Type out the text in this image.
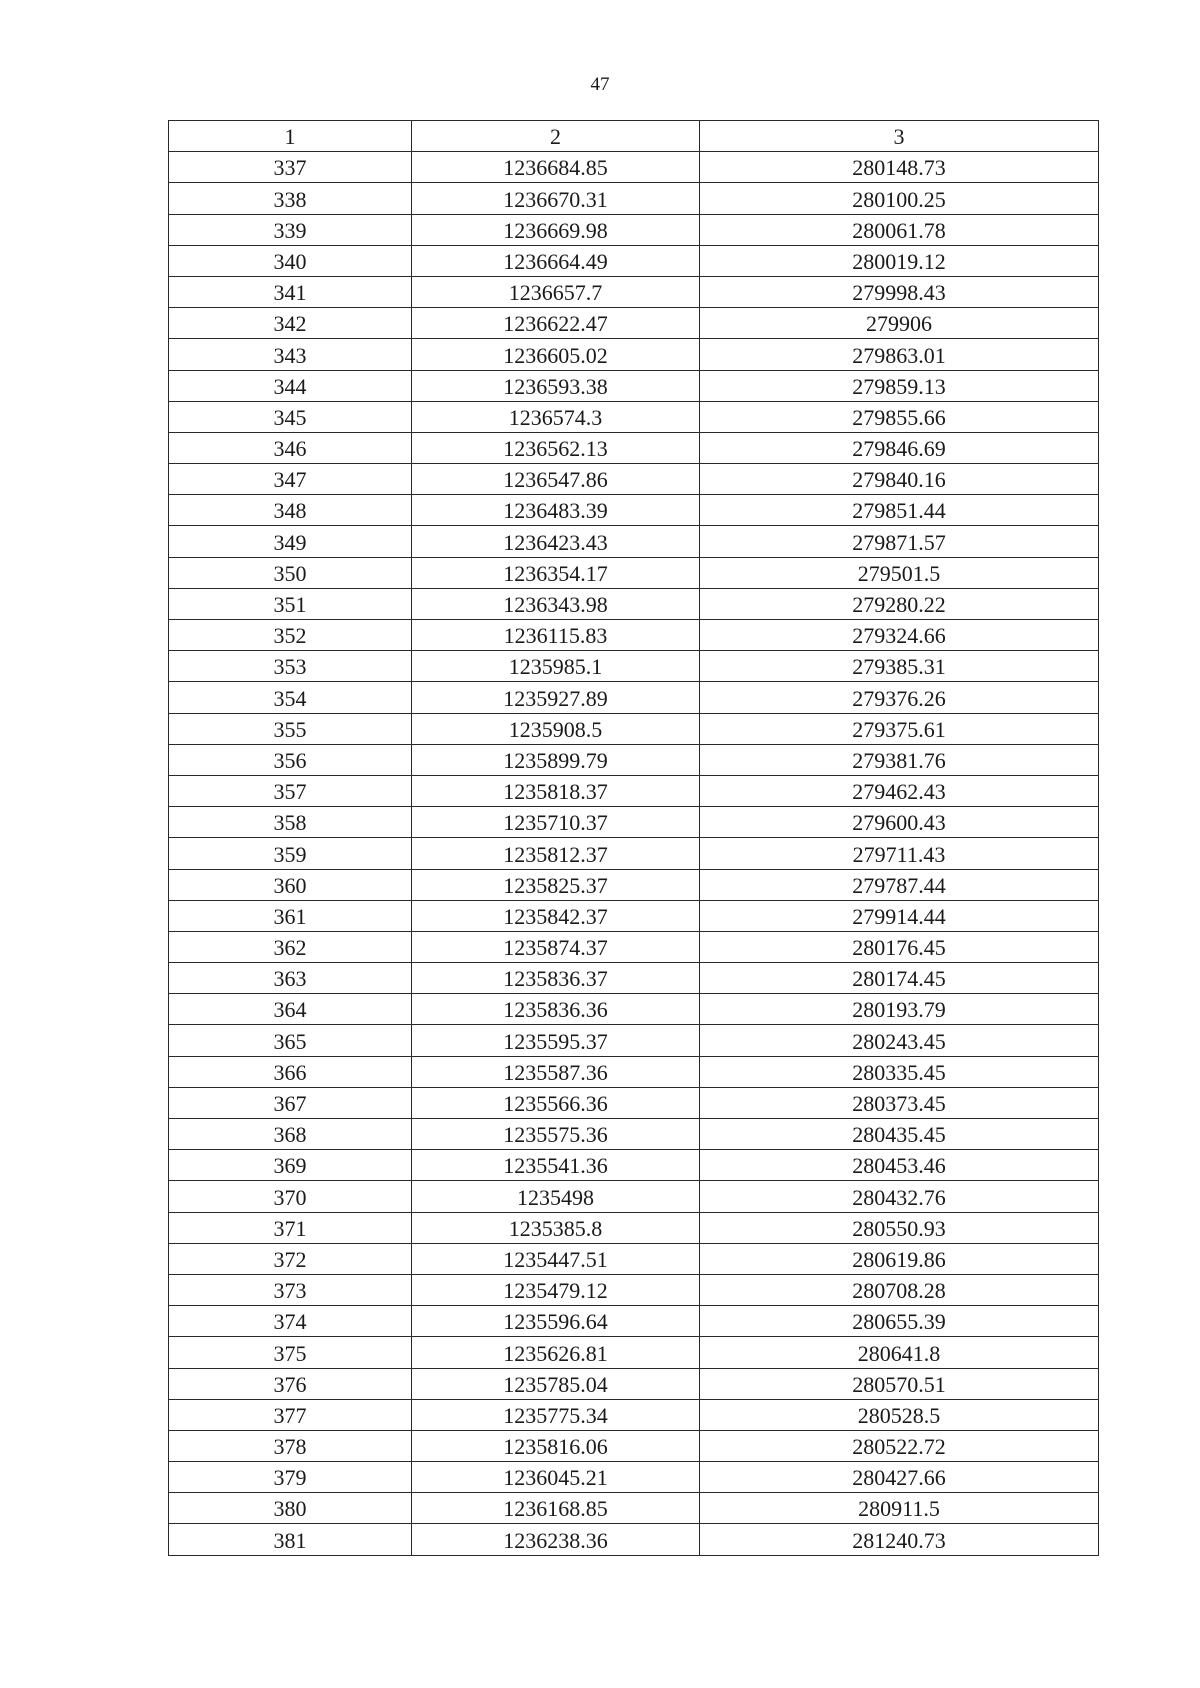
47
1	2	3
337	1236684.85	280148.73
338	1236670.31	280100.25
339	1236669.98	280061.78
340	1236664.49	280019.12
341	1236657.7	279998.43
342	1236622.47	279906
343	1236605.02	279863.01
344	1236593.38	279859.13
345	1236574.3	279855.66
346	1236562.13	279846.69
347	1236547.86	279840.16
348	1236483.39	279851.44
349	1236423.43	279871.57
350	1236354.17	279501.5
351	1236343.98	279280.22
352	1236115.83	279324.66
353	1235985.1	279385.31
354	1235927.89	279376.26
355	1235908.5	279375.61
356	1235899.79	279381.76
357	1235818.37	279462.43
358	1235710.37	279600.43
359	1235812.37	279711.43
360	1235825.37	279787.44
361	1235842.37	279914.44
362	1235874.37	280176.45
363	1235836.37	280174.45
364	1235836.36	280193.79
365	1235595.37	280243.45
366	1235587.36	280335.45
367	1235566.36	280373.45
368	1235575.36	280435.45
369	1235541.36	280453.46
370	1235498	280432.76
371	1235385.8	280550.93
372	1235447.51	280619.86
373	1235479.12	280708.28
374	1235596.64	280655.39
375	1235626.81	280641.8
376	1235785.04	280570.51
377	1235775.34	280528.5
378	1235816.06	280522.72
379	1236045.21	280427.66
380	1236168.85	280911.5
381	1236238.36	281240.73
